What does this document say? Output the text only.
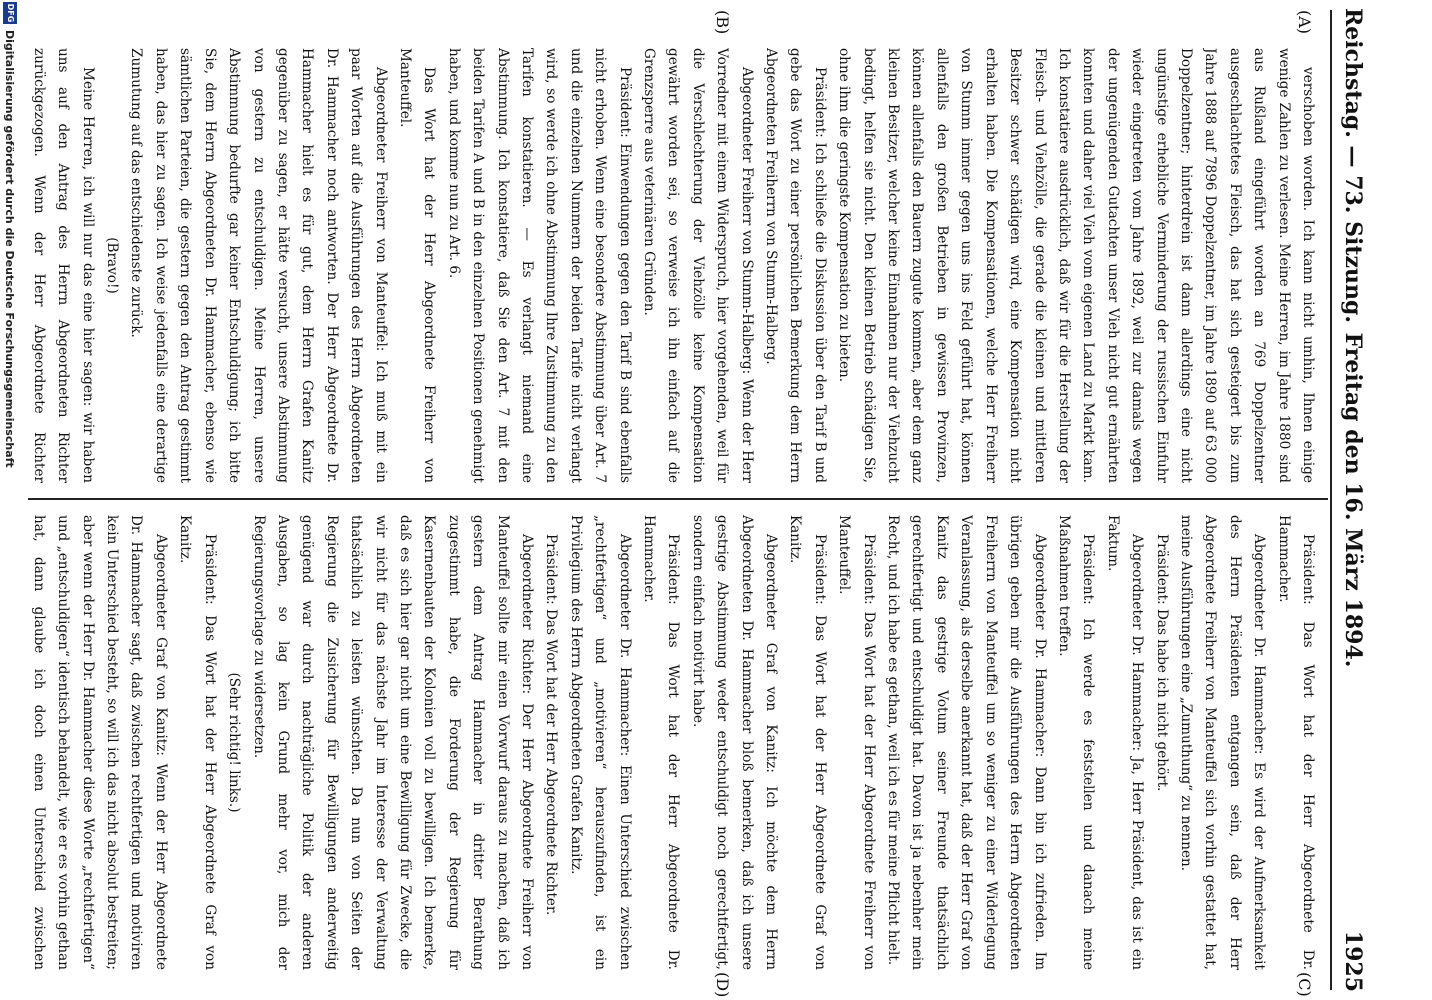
Reichstag. — 73. Sitzung.
Freitag den 16. März 1894.
1925
(A)
(B)
(C)
(D)

verschoben worden. Ich kann nicht umhin, Ihnen einige wenige Zahlen zu verlesen. Meine Herren, im Jahre 1880 sind aus Rußland eingeführt worden an 769 Doppelzentner ausgeschlachtetes Fleisch, das hat sich gesteigert bis zum Jahre 1888 auf 7896 Doppelzentner, im Jahre 1890 auf 63 000 Doppelzentner; hinterdrein ist dann allerdings eine nicht ungünstige erhebliche Verminderung der russischen Einfuhr wieder eingetreten vom Jahre 1892, weil zur damals wegen der ungenügenden Gutachten unser Vieh nicht gut ernährten konnten und daher viel Vieh vom eigenen Land zu Markt kam. Ich konstatiere ausdrücklich, daß wir für die Herstellung der Fleisch- und Viehzölle, die gerade die kleinen und mittleren Besitzer schwer schädigen wird, eine Kompensation nicht erhalten haben. Die Kompensationen, welche Herr Freiherr von Stumm immer gegen uns ins Feld geführt hat, können allenfalls den großen Betrieben in gewissen Provinzen, können allenfalls den Bauern zugute kommen, aber dem ganz kleinen Besitzer, welcher keine Einnahmen nur der Viehzucht bedingt, helfen sie nicht. Den kleinen Betrieb schädigen Sie, ohne ihm die geringste Kompensation zu bieten.

Präsident: Ich schließe die Diskussion über den Tarif B und gebe das Wort zu einer persönlichen Bemerkung dem Herrn Abgeordneten Freiherrn von Stumm-Halberg.

Abgeordneter Freiherr von Stumm-Halberg: Wenn der Herr Vorredner mit einem Widerspruch, hier vorgehenden, weil für die Verschlechterung der Viehzölle keine Kompensation gewährt worden sei, so verweise ich ihn einfach auf die Grenzsperre aus veterinären Gründen.

Präsident: Einwendungen gegen den Tarif B sind ebenfalls nicht erhoben. Wenn eine besondere Abstimmung über Art. 7 und die einzelnen Nummern der beiden Tarife nicht verlangt wird, so werde ich ohne Abstimmung Ihre Zustimmung zu den Tarifen konstatieren. — Es verlangt niemand eine Abstimmung. Ich konstatiere, daß Sie den Art. 7 mit den beiden Tarifen A und B in den einzelnen Positionen genehmigt haben, und komme nun zu Art. 6.

Das Wort hat der Herr Abgeordnete Freiherr von Manteuffel.

Abgeordneter Freiherr von Manteuffel: Ich muß mit ein paar Worten auf die Ausführungen des Herrn Abgeordneten Dr. Hammacher noch antworten. Der Herr Abgeordnete Dr. Hammacher hielt es für gut, dem Herrn Grafen Kanitz gegenüber zu sagen, er hätte versucht, unsere Abstimmung von gestern zu entschuldigen. Meine Herren, unsere Abstimmung bedurfte gar keiner Entschuldigung; ich bitte Sie, dem Herrn Abgeordneten Dr. Hammacher, ebenso wie sämtlichen Parteien, die gestern gegen den Antrag gestimmt haben, das hier zu sagen. Ich weise jedenfalls eine derartige Zumutung auf das entschiedenste zurück.

(Bravo!)

Meine Herren, ich will nur das eine hier sagen: wir haben uns auf den Antrag des Herrn Abgeordneten Richter zurückgezogen. Wenn der Herr Abgeordnete Richter

Präsident: Das Wort hat der Herr Abgeordnete Dr. Hammacher.

Abgeordneter Dr. Hammacher: Es wird der Aufmerksamkeit des Herrn Präsidenten entgangen sein, daß der Herr Abgeordnete Freiherr von Manteuffel sich vorhin gestattet hat, meine Ausführungen eine „Zumuthung“ zu nennen.

Präsident: Das habe ich nicht gehört.

Abgeordneter Dr. Hammacher: Ja, Herr Präsident, das ist ein Faktum.

Präsident: Ich werde es feststellen und danach meine Maßnahmen treffen.

Abgeordneter Dr. Hammacher: Dann bin ich zufrieden. Im übrigen geben mir die Ausführungen des Herrn Abgeordneten Freiherrn von Manteuffel um so weniger zu einer Widerlegung Veranlassung, als derselbe anerkannt hat, daß der Herr Graf von Kanitz das gestrige Votum seiner Freunde thatsächlich gerechtfertigt und entschuldigt hat. Davon ist ja nebenher mein Recht, und ich habe es gethan, weil ich es für meine Pflicht hielt.

Präsident: Das Wort hat der Herr Abgeordnete Freiherr von Manteuffel.

Präsident: Das Wort hat der Herr Abgeordnete Graf von Kanitz.

Abgeordneter Graf von Kanitz: Ich möchte dem Herrn Abgeordneten Dr. Hammacher bloß bemerken, daß ich unsere gestrige Abstimmung weder entschuldigt noch gerechtfertigt, sondern einfach motivirt habe.

Präsident: Das Wort hat der Herr Abgeordnete Dr. Hammacher.

Abgeordneter Dr. Hammacher: Einen Unterschied zwischen „rechtfertigen“ und „motivieren“ herauszufinden, ist ein Privilegium des Herrn Abgeordneten Grafen Kanitz.

Präsident: Das Wort hat der Herr Abgeordnete Richter.

Abgeordneter Richter: Der Herr Abgeordnete Freiherr von Manteuffel sollte mir einen Vorwurf daraus zu machen, daß ich gestern dem Antrag Hammacher in dritter Berathung zugestimmt habe, die Forderung der Regierung für Kasernenbauten der Kolonien voll zu bewilligen. Ich bemerke, daß es sich hier gar nicht um eine Bewilligung für Zwecke, die wir nicht für das nächste Jahr im Interesse der Verwaltung thatsächlich zu leisten wünschten. Da nun von Seiten der Regierung die Zusicherung für Bewilligungen anderweitig genügend war durch nachträgliche Politik der anderen Ausgaben, so lag kein Grund mehr vor, mich der Regierungsvorlage zu widersetzen.

(Sehr richtig! links.)

Präsident: Das Wort hat der Herr Abgeordnete Graf von Kanitz.

Abgeordneter Graf von Kanitz: Wenn der Herr Abgeordnete Dr. Hammacher sagt, daß zwischen rechtfertigen und motiviren kein Unterschied besteht, so will ich das nicht absolut bestreiten; aber wenn der Herr Dr. Hammacher diese Worte „rechtfertigen“ und „entschuldigen“ identisch behandelt, wie er es vorhin gethan hat, dann glaube ich doch einen Unterschied zwischen

DFG
Digitalisierung gefördert durch die Deutsche Forschungsgemeinschaft
